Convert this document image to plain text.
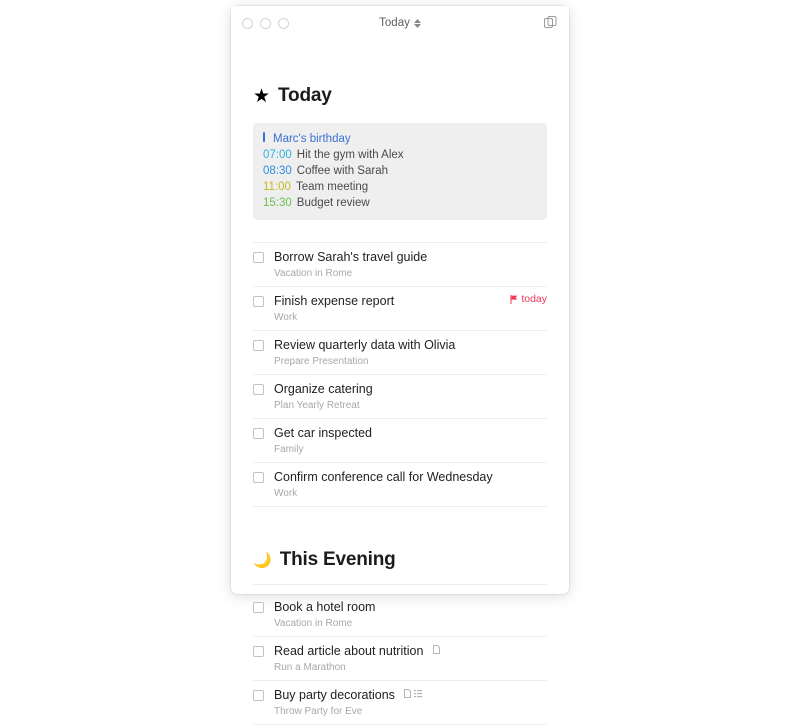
Today
★ Today
Marc's birthday
07:00 Hit the gym with Alex
08:30 Coffee with Sarah
11:00 Team meeting
15:30 Budget review
Borrow Sarah's travel guide
Vacation in Rome
Finish expense report
Work
today
Review quarterly data with Olivia
Prepare Presentation
Organize catering
Plan Yearly Retreat
Get car inspected
Family
Confirm conference call for Wednesday
Work
🌙 This Evening
Book a hotel room
Vacation in Rome
Read article about nutrition
Run a Marathon
Buy party decorations
Throw Party for Eve
